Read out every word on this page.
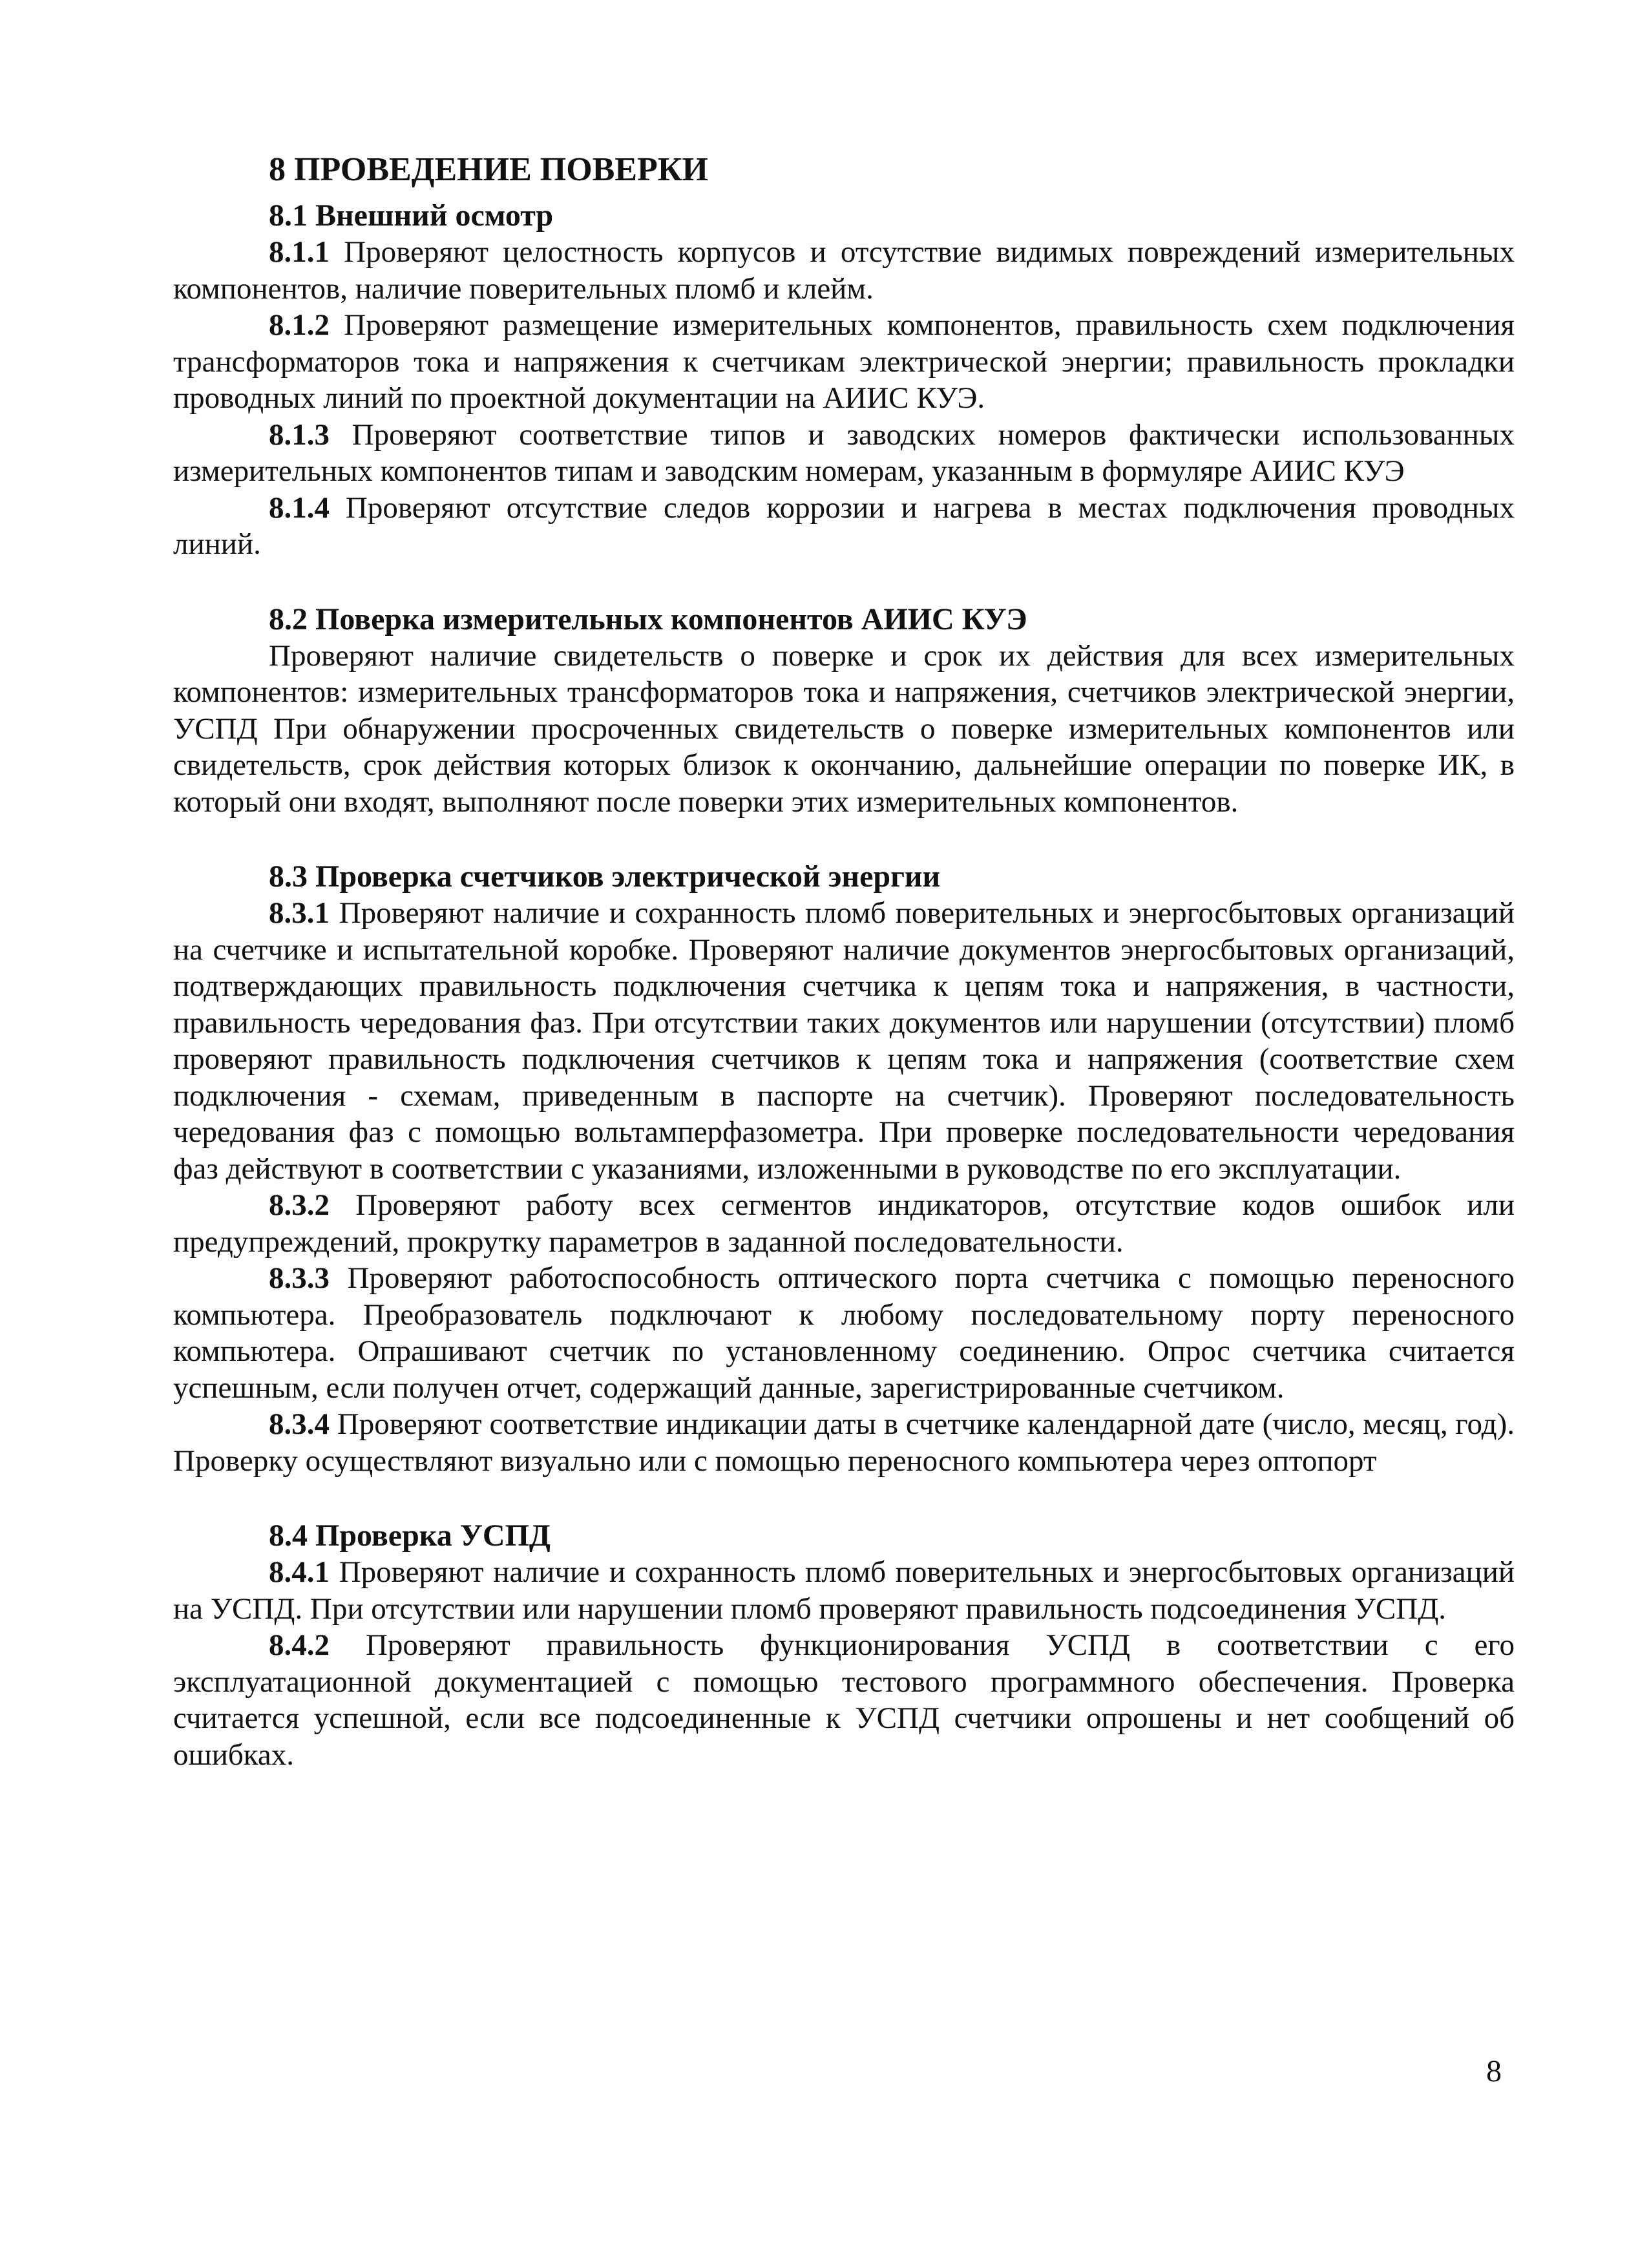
8 ПРОВЕДЕНИЕ ПОВЕРКИ
8.1 Внешний осмотр

8.1.1 Проверяют целостность корпусов и отсутствие видимых повреждений измерительных компонентов, наличие поверительных пломб и клейм.

8.1.2 Проверяют размещение измерительных компонентов, правильность схем подключения трансформаторов тока и напряжения к счетчикам электрической энергии; правильность прокладки проводных линий по проектной документации на АИИС КУЭ.

8.1.3 Проверяют соответствие типов и заводских номеров фактически использованных измерительных компонентов типам и заводским номерам, указанным в формуляре АИИС КУЭ

8.1.4 Проверяют отсутствие следов коррозии и нагрева в местах подключения проводных линий.

8.2 Поверка измерительных компонентов АИИС КУЭ

Проверяют наличие свидетельств о поверке и срок их действия для всех измерительных компонентов: измерительных трансформаторов тока и напряжения, счетчиков электрической энергии, УСПД При обнаружении просроченных свидетельств о поверке измерительных компонентов или свидетельств, срок действия которых близок к окончанию, дальнейшие операции по поверке ИК, в который они входят, выполняют после поверки этих измерительных компонентов.

8.3 Проверка счетчиков электрической энергии

8.3.1 Проверяют наличие и сохранность пломб поверительных и энергосбытовых организаций на счетчике и испытательной коробке. Проверяют наличие документов энергосбытовых организаций, подтверждающих правильность подключения счетчика к цепям тока и напряжения, в частности, правильность чередования фаз. При отсутствии таких документов или нарушении (отсутствии) пломб проверяют правильность подключения счетчиков к цепям тока и напряжения (соответствие схем подключения - схемам, приведенным в паспорте на счетчик). Проверяют последовательность чередования фаз с помощью вольтамперфазометра. При проверке последовательности чередования фаз действуют в соответствии с указаниями, изложенными в руководстве по его эксплуатации.

8.3.2 Проверяют работу всех сегментов индикаторов, отсутствие кодов ошибок или предупреждений, прокрутку параметров в заданной последовательности.

8.3.3 Проверяют работоспособность оптического порта счетчика с помощью переносного компьютера. Преобразователь подключают к любому последовательному порту переносного компьютера. Опрашивают счетчик по установленному соединению. Опрос счетчика считается успешным, если получен отчет, содержащий данные, зарегистрированные счетчиком.

8.3.4 Проверяют соответствие индикации даты в счетчике календарной дате (число, месяц, год). Проверку осуществляют визуально или с помощью переносного компьютера через оптопорт

8.4 Проверка УСПД

8.4.1 Проверяют наличие и сохранность пломб поверительных и энергосбытовых организаций на УСПД. При отсутствии или нарушении пломб проверяют правильность подсоединения УСПД.

8.4.2 Проверяют правильность функционирования УСПД в соответствии с его эксплуатационной документацией с помощью тестового программного обеспечения. Проверка считается успешной, если все подсоединенные к УСПД счетчики опрошены и нет сообщений об ошибках.

8
